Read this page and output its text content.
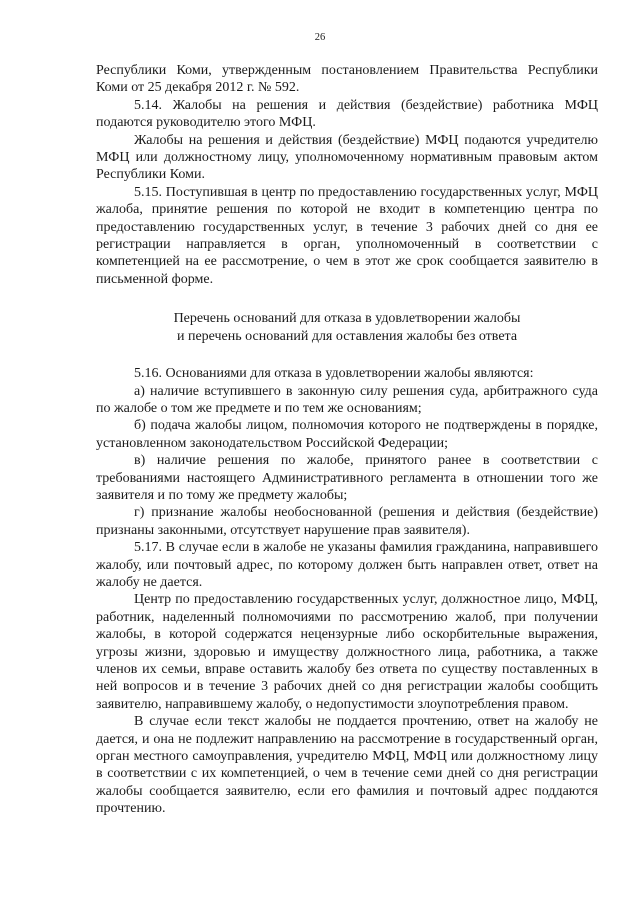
26

Республики Коми, утвержденным постановлением Правительства Республики Коми от 25 декабря 2012 г. № 592.

5.14. Жалобы на решения и действия (бездействие) работника МФЦ подаются руководителю этого МФЦ.

Жалобы на решения и действия (бездействие) МФЦ подаются учредителю МФЦ или должностному лицу, уполномоченному нормативным правовым актом Республики Коми.

5.15. Поступившая в центр по предоставлению государственных услуг, МФЦ жалоба, принятие решения по которой не входит в компетенцию центра по предоставлению государственных услуг, в течение 3 рабочих дней со дня ее регистрации направляется в орган, уполномоченный в соответствии с компетенцией на ее рассмотрение, о чем в этот же срок сообщается заявителю в письменной форме.

Перечень оснований для отказа в удовлетворении жалобы
и перечень оснований для оставления жалобы без ответа

5.16. Основаниями для отказа в удовлетворении жалобы являются:

а) наличие вступившего в законную силу решения суда, арбитражного суда по жалобе о том же предмете и по тем же основаниям;

б) подача жалобы лицом, полномочия которого не подтверждены в порядке, установленном законодательством Российской Федерации;

в) наличие решения по жалобе, принятого ранее в соответствии с требованиями настоящего Административного регламента в отношении того же заявителя и по тому же предмету жалобы;

г) признание жалобы необоснованной (решения и действия (бездействие) признаны законными, отсутствует нарушение прав заявителя).

5.17. В случае если в жалобе не указаны фамилия гражданина, направившего жалобу, или почтовый адрес, по которому должен быть направлен ответ, ответ на жалобу не дается.

Центр по предоставлению государственных услуг, должностное лицо, МФЦ, работник, наделенный полномочиями по рассмотрению жалоб, при получении жалобы, в которой содержатся нецензурные либо оскорбительные выражения, угрозы жизни, здоровью и имуществу должностного лица, работника, а также членов их семьи, вправе оставить жалобу без ответа по существу поставленных в ней вопросов и в течение 3 рабочих дней со дня регистрации жалобы сообщить заявителю, направившему жалобу, о недопустимости злоупотребления правом.

В случае если текст жалобы не поддается прочтению, ответ на жалобу не дается, и она не подлежит направлению на рассмотрение в государственный орган, орган местного самоуправления, учредителю МФЦ, МФЦ или должностному лицу в соответствии с их компетенцией, о чем в течение семи дней со дня регистрации жалобы сообщается заявителю, если его фамилия и почтовый адрес поддаются прочтению.
